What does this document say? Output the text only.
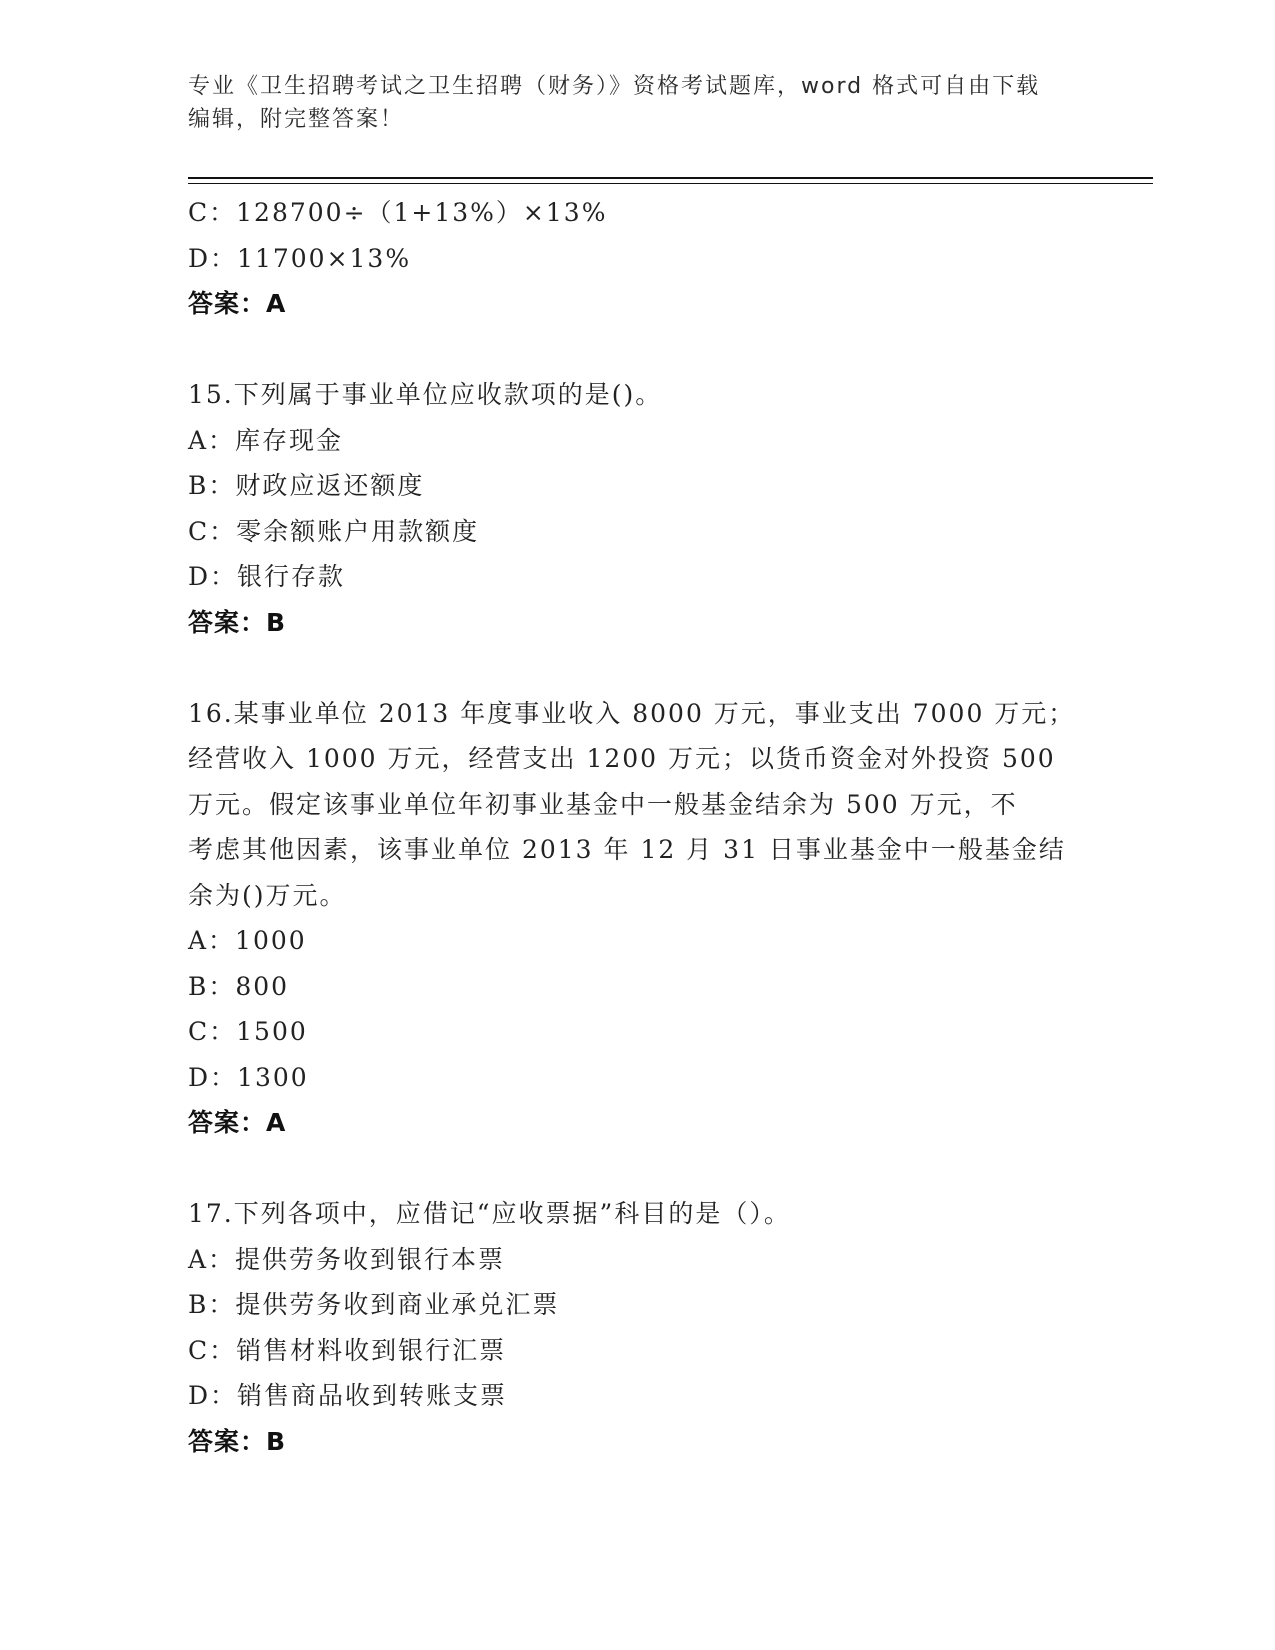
专业《卫生招聘考试之卫生招聘（财务）》资格考试题库，word 格式可自由下载
编辑，附完整答案！
C：128700÷（1+13%）×13%
D：11700×13%
答案：A
15.下列属于事业单位应收款项的是()。
A：库存现金
B：财政应返还额度
C：零余额账户用款额度
D：银行存款
答案：B
16.某事业单位 2013 年度事业收入 8000 万元，事业支出 7000 万元；
经营收入 1000 万元，经营支出 1200 万元；以货币资金对外投资 500
万元。假定该事业单位年初事业基金中一般基金结余为 500 万元，不
考虑其他因素，该事业单位 2013 年 12 月 31 日事业基金中一般基金结
余为()万元。
A：1000
B：800
C：1500
D：1300
答案：A
17.下列各项中，应借记“应收票据”科目的是（）。
A：提供劳务收到银行本票
B：提供劳务收到商业承兑汇票
C：销售材料收到银行汇票
D：销售商品收到转账支票
答案：B
